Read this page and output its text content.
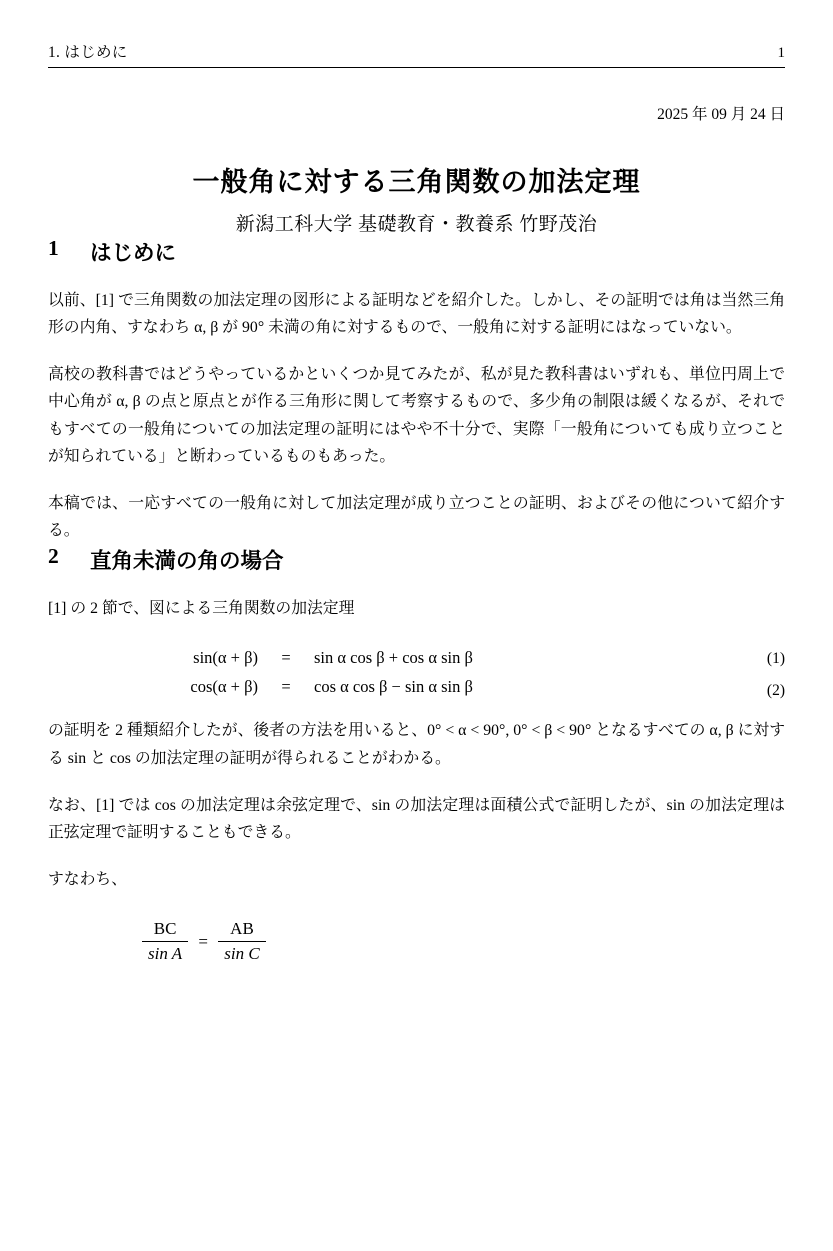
1. はじめに	1
2025 年 09 月 24 日
一般角に対する三角関数の加法定理
新潟工科大学 基礎教育・教養系 竹野茂治
1	はじめに

以前、[1] で三角関数の加法定理の図形による証明などを紹介した。しかし、その証明では角は当然三角形の内角、すなわち α, β が 90° 未満の角に対するもので、一般角に対する証明にはなっていない。

高校の教科書ではどうやっているかといくつか見てみたが、私が見た教科書はいずれも、単位円周上で中心角が α, β の点と原点とが作る三角形に関して考察するもので、多少角の制限は緩くなるが、それでもすべての一般角についての加法定理の証明にはやや不十分で、実際「一般角についても成り立つことが知られている」と断わっているものもあった。

本稿では、一応すべての一般角に対して加法定理が成り立つことの証明、およびその他について紹介する。

2	直角未満の角の場合

[1] の 2 節で、図による三角関数の加法定理

sin(α + β)	=	sin α cos β + cos α sin β
cos(α + β)	=	cos α cos β − sin α sin β
(1)
(2)

の証明を 2 種類紹介したが、後者の方法を用いると、0° < α < 90°, 0° < β < 90° となるすべての α, β に対する sin と cos の加法定理の証明が得られることがわかる。

なお、[1] では cos の加法定理は余弦定理で、sin の加法定理は面積公式で証明したが、sin の加法定理は正弦定理で証明することもできる。

すなわち、

$\frac{BC}{\text{sin A}} = \frac{AB}{\text{sin C}}$
